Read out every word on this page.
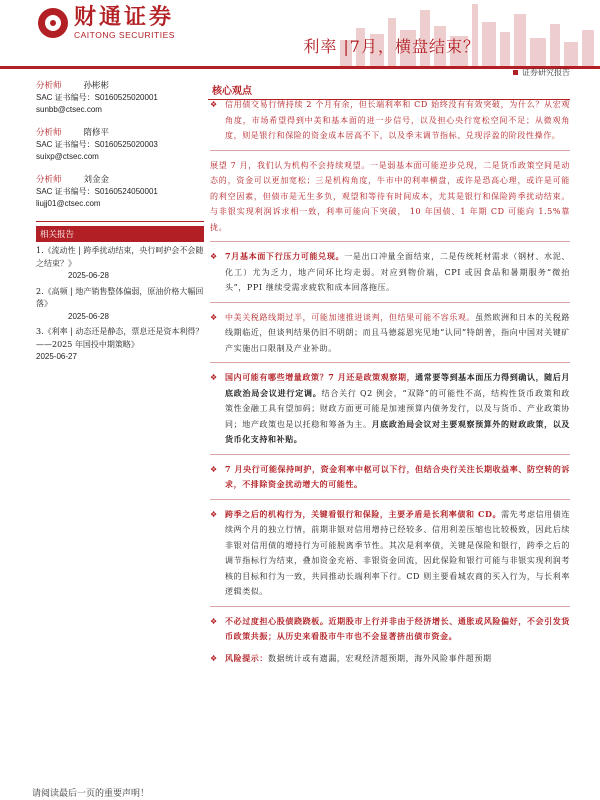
财通证券
CAITONG SECURITIES
利率 |7月，横盘结束？
证券研究报告
分析师	孙彬彬
SAC 证书编号：S0160525020001
sunbb@ctsec.com
分析师	隋修平
SAC 证书编号：S0160525020003
suixp@ctsec.com
分析师	刘金金
SAC 证书编号：S0160524050001
liujj01@ctsec.com
相关报告
1.《流动性 | 跨季扰动结束，央行呵护会不会随之结束？》
2025-06-28
2.《高频 | 地产销售整体偏弱，原油价格大幅回落》
2025-06-28
3.《利率 | 动态还是静态，票息还是资本利得？——2025 年国投中期策略》
2025-06-27
核心观点
❖ 信用债交易行情持续 2 个月有余，但长端利率和 CD 始终没有有效突破，为什么？从宏观角度，市场希望得到中美和基本面的进一步信号，以及担心央行宽松空间不足；从微观角度，则是银行和保险的资金成本居高不下，以及季末调节指标、兑现浮盈的阶段性操作。
展望 7 月，我们认为机构不会持续观望。一是弱基本面可能逆步兑现，二是货币政策空间是动态的，资金可以更加宽松；三是机构角度，牛市中的利率横盘，或许是恐高心理，或许是可能的利空因素，但债市是无生多负，观望和等待有时间成本，尤其是银行和保险跨季扰动结束。与非银实现利润诉求相一致，利率可能向下突破， 10 年国债、1 年期 CD 可能向 1.5%靠拢。
❖ 7月基本面下行压力可能兑现。一是出口冲量全面结束，二是传统耗材需求（钢材、水泥、化工）尤为乏力，地产同环比均走弱。对应到物价端，CPI 或因食品和暑期服务“微抬头”，PPI 继续受需求疲软和成本回落拖压。
❖ 中美关税路线期过半，可能加速推进谈判，但结果可能不容乐观。虽然欧洲和日本的关税路线期临近，但谈判结果仍旧不明朗；而且马德蕊恩宪见地“认同”特朗普，指向中国对关键矿产实施出口限制及产业补助。
❖ 国内可能有哪些增量政策？7 月还是政策观察期，通常要等到基本面压力得到确认，随后月底政治局会议进行定调。结合关行 Q2 例会，“双降”的可能性不高，结构性货币政策和政策性金融工具有望加码；财政方面更可能是加速预算内债务发行，以及与货币、产业政策协同；地产政策也是以托稳和筹备为主。月底政治局会议对主要观察预算外的财政政策，以及货币化支持和补贴。
❖ 7 月央行可能保持呵护，资金利率中枢可以下行，但结合央行关注长期收益率、防空转的诉求，不排除资金扰动增大的可能性。
❖ 跨季之后的机构行为，关键看银行和保险，主要矛盾是长利率债和 CD。需先考虑信用债连续两个月的独立行情，前期非银对信用增持已经较多、信用利差压缩也比较极致，因此后续非银对信用债的增持行为可能脱离季节性。其次是利率债，关键是保险和银行，跨季之后的调节指标行为结束，叠加资金充裕、非银资金回流，因此保险和银行可能与非银实现利润考核的目标和行为一致，共同推动长端利率下行。CD 则主要看城农商的买入行为，与长利率逻辑类似。
❖ 不必过度担心股债跷跷板。近期股市上行并非由于经济增长、通胀或风险偏好，不会引发货币政策共振；从历史来看股市牛市也不会显著挤出债市资金。
❖ 风险提示：数据统计或有遗漏，宏观经济超预期，海外风险事件超预期
请阅读最后一页的重要声明！
